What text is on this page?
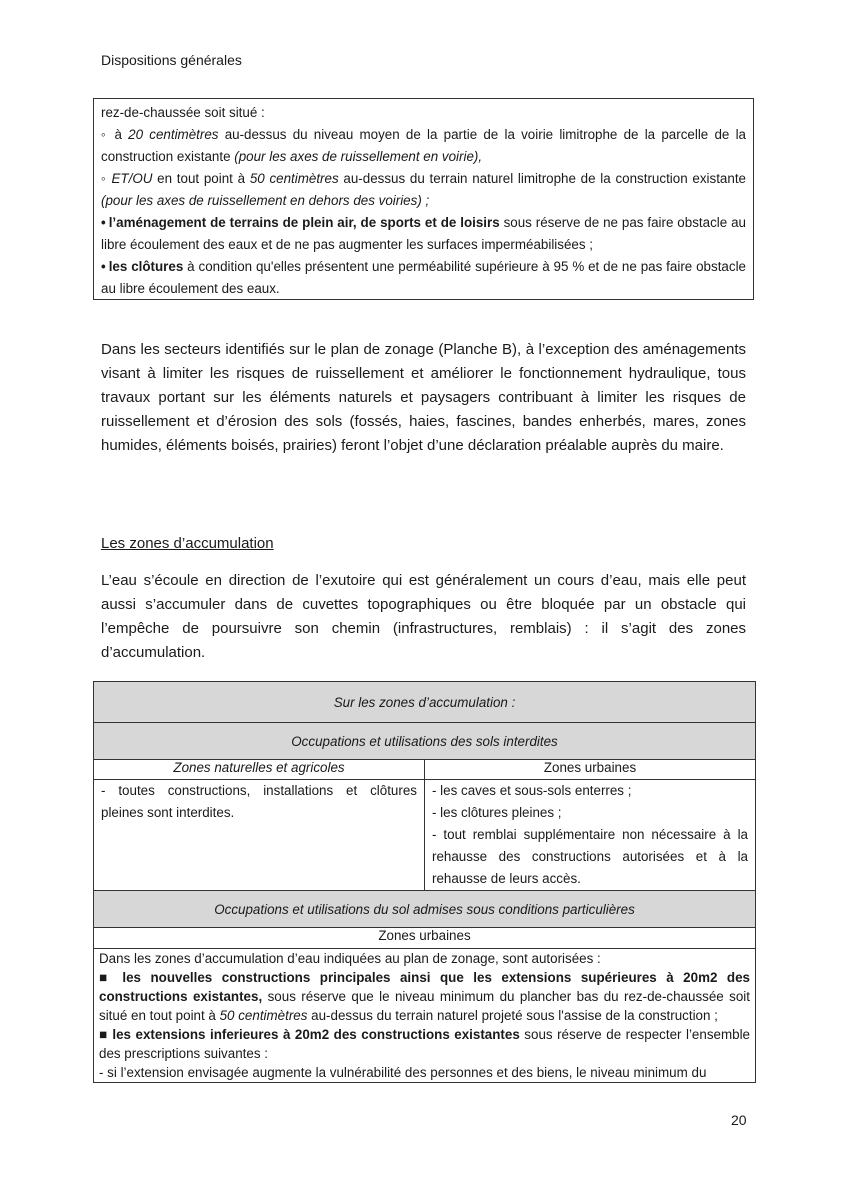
Dispositions générales

rez-de-chaussée soit situé :

◦ à 20 centimètres au-dessus du niveau moyen de la partie de la voirie limitrophe de la parcelle de la construction existante (pour les axes de ruissellement en voirie),

◦ ET/OU en tout point à 50 centimètres au-dessus du terrain naturel limitrophe de la construction existante (pour les axes de ruissellement en dehors des voiries) ;

• l’aménagement de terrains de plein air, de sports et de loisirs sous réserve de ne pas faire obstacle au libre écoulement des eaux et de ne pas augmenter les surfaces imperméabilisées ;

• les clôtures à condition qu'elles présentent une perméabilité supérieure à 95 % et de ne pas faire obstacle au libre écoulement des eaux.

Dans les secteurs identifiés sur le plan de zonage (Planche B), à l’exception des aménagements visant à limiter les risques de ruissellement et améliorer le fonctionnement hydraulique, tous travaux portant sur les éléments naturels et paysagers contribuant à limiter les risques de ruissellement et d’érosion des sols (fossés, haies, fascines, bandes enherbés, mares, zones humides, éléments boisés, prairies) feront l’objet d’une déclaration préalable auprès du maire.

Les zones d’accumulation

L’eau s’écoule en direction de l’exutoire qui est généralement un cours d’eau, mais elle peut aussi s’accumuler dans de cuvettes topographiques ou être bloquée par un obstacle qui l’empêche de poursuivre son chemin (infrastructures, remblais) : il s’agit des zones d’accumulation.

Sur les zones d’accumulation :	
Occupations et utilisations des sols interdites	
Zones naturelles et agricoles	Zones urbaines
- toutes constructions, installations et clôtures pleines sont interdites.	- les caves et sous-sols enterres ;
- les clôtures pleines ;
- tout remblai supplémentaire non nécessaire à la rehausse des constructions autorisées et à la rehausse de leurs accès.

Occupations et utilisations du sol admises sous conditions particulières	
Zones urbaines	

Dans les zones d’accumulation d’eau indiquées au plan de zonage, sont autorisées :

■ les nouvelles constructions principales ainsi que les extensions supérieures à 20m2 des constructions existantes, sous réserve que le niveau minimum du plancher bas du rez-de-chaussée soit situé en tout point à 50 centimètres au-dessus du terrain naturel projeté sous l'assise de la construction ;

■ les extensions inferieures à 20m2 des constructions existantes sous réserve de respecter l’ensemble des prescriptions suivantes :

- si l’extension envisagée augmente la vulnérabilité des personnes et des biens, le niveau minimum du	

20
